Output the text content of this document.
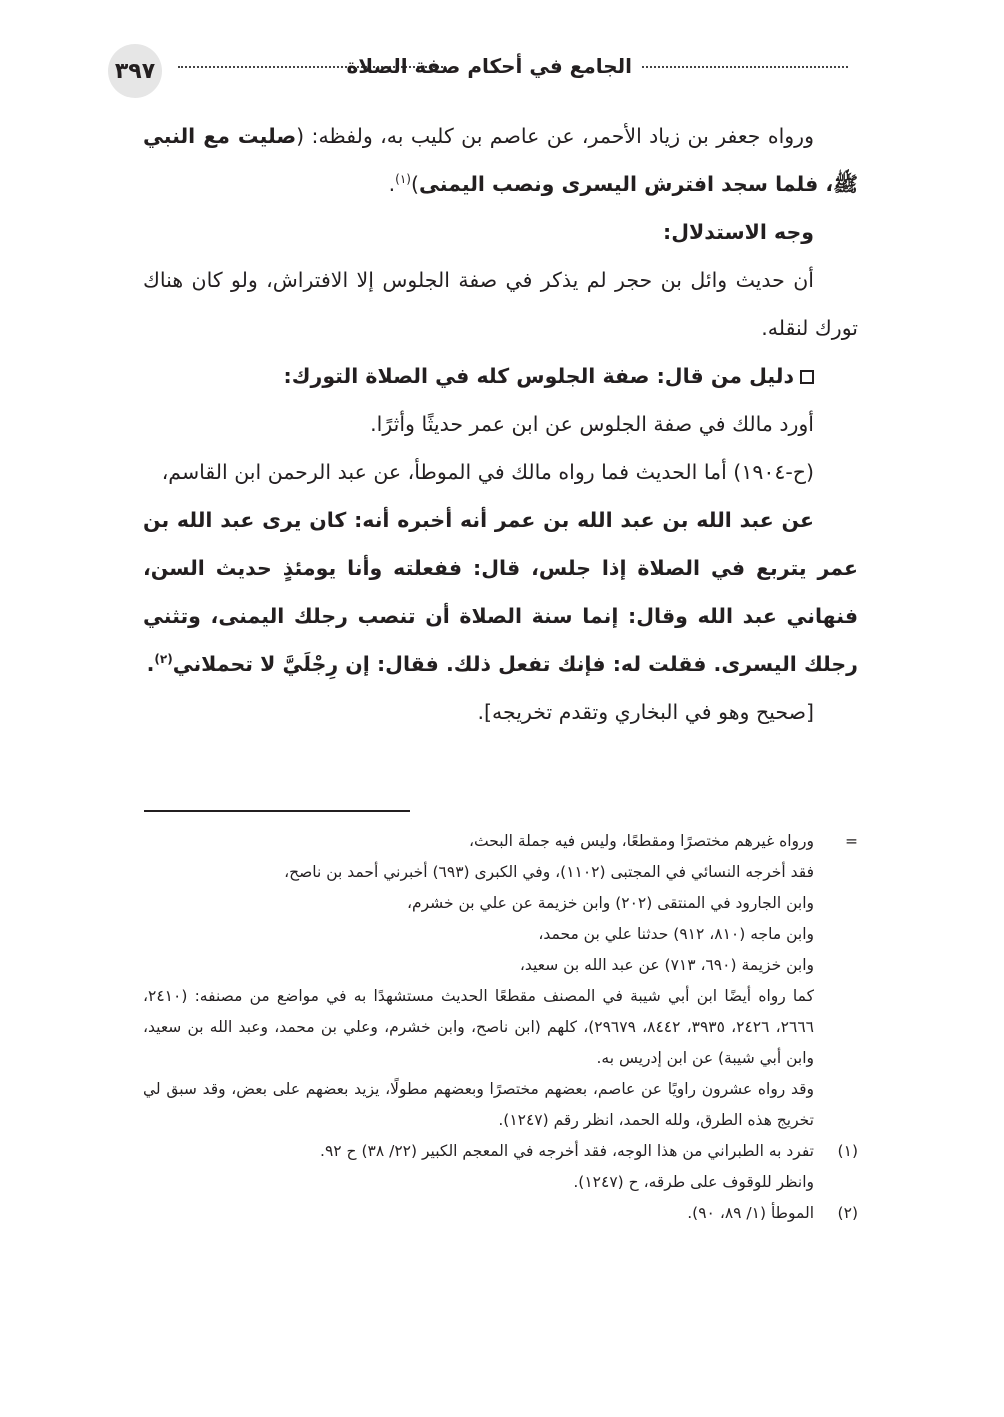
٣٩٧	الجامع في أحكام صفة الصلاة

ورواه جعفر بن زياد الأحمر، عن عاصم بن كليب به، ولفظه: (صليت مع النبي ﷺ، فلما سجد افترش اليسرى ونصب اليمنى)$^{(١)}$.

وجه الاستدلال:

أن حديث وائل بن حجر لم يذكر في صفة الجلوس إلا الافتراش، ولو كان هناك تورك لنقله.

دليل من قال: صفة الجلوس كله في الصلاة التورك:

أورد مالك في صفة الجلوس عن ابن عمر حديثًا وأثرًا.

(ح-١٩٠٤) أما الحديث فما رواه مالك في الموطأ، عن عبد الرحمن ابن القاسم،

عن عبد الله بن عبد الله بن عمر أنه أخبره أنه: كان يرى عبد الله بن عمر يتربع في الصلاة إذا جلس، قال: ففعلته وأنا يومئذٍ حديث السن، فنهاني عبد الله وقال: إنما سنة الصلاة أن تنصب رجلك اليمنى، وتثني رجلك اليسرى. فقلت له: فإنك تفعل ذلك. فقال: إن رِجْلَيَّ لا تحملاني$^{(٢)}$.

[صحيح وهو في البخاري وتقدم تخريجه].

=
ورواه غيرهم مختصرًا ومقطعًا، وليس فيه جملة البحث،
فقد أخرجه النسائي في المجتبى (١١٠٢)، وفي الكبرى (٦٩٣) أخبرني أحمد بن ناصح،
وابن الجارود في المنتقى (٢٠٢) وابن خزيمة عن علي بن خشرم،
وابن ماجه (٨١٠، ٩١٢) حدثنا علي بن محمد،
وابن خزيمة (٦٩٠، ٧١٣) عن عبد الله بن سعيد،
كما رواه أيضًا ابن أبي شيبة في المصنف مقطعًا الحديث مستشهدًا به في مواضع من مصنفه: (٢٤١٠، ٢٦٦٦، ٢٤٢٦، ٣٩٣٥، ٨٤٤٢، ٢٩٦٧٩)، كلهم (ابن ناصح، وابن خشرم، وعلي بن محمد، وعبد الله بن سعيد، وابن أبي شيبة) عن ابن إدريس به.
وقد رواه عشرون راويًا عن عاصم، بعضهم مختصرًا وبعضهم مطولًا، يزيد بعضهم على بعض، وقد سبق لي تخريج هذه الطرق، ولله الحمد، انظر رقم (١٢٤٧).
(١)
تفرد به الطبراني من هذا الوجه، فقد أخرجه في المعجم الكبير (٢٢/ ٣٨) ح ٩٢.
وانظر للوقوف على طرقه، ح (١٢٤٧).
(٢)
الموطأ (١/ ٨٩، ٩٠).
